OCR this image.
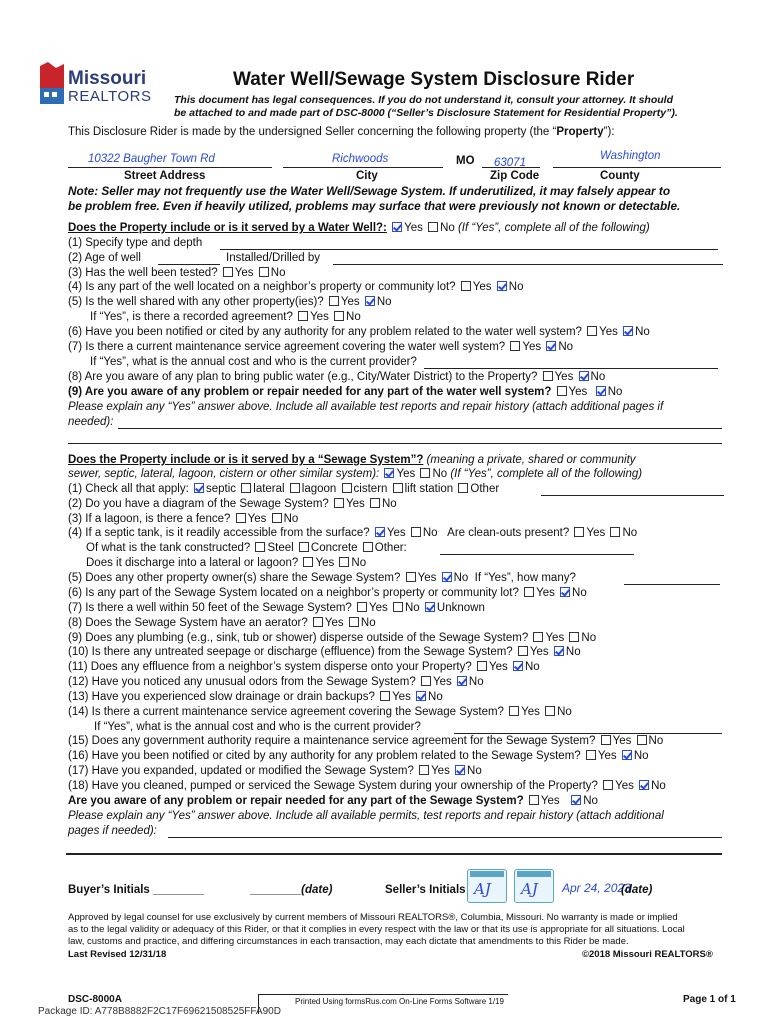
Missouri
REALTORS
Water Well/Sewage System Disclosure Rider
This document has legal consequences. If you do not understand it, consult your attorney. It should
be attached to and made part of DSC-8000 (“Seller’s Disclosure Statement for Residential Property”).
This Disclosure Rider is made by the undersigned Seller concerning the following property (the “Property”):
10322 Baugher Town Rd	Richwoods	MO 63071
Washington
Street Address	City	Zip Code	County
Note: Seller may not frequently use the Water Well/Sewage System. If underutilized, it may falsely appear to
be problem free. Even if heavily utilized, problems may surface that were previously not known or detectable.
Does the Property include or is it served by a Water Well?: Yes No (If “Yes”, complete all of the following)
(1) Specify type and depth
(2) Age of well	Installed/Drilled by
(3) Has the well been tested? Yes No
(4) Is any part of the well located on a neighbor’s property or community lot? Yes No
(5) Is the well shared with any other property(ies)? Yes No
If “Yes”, is there a recorded agreement? Yes No
(6) Have you been notified or cited by any authority for any problem related to the water well system? Yes No
(7) Is there a current maintenance service agreement covering the water well system? Yes No
If “Yes”, what is the annual cost and who is the current provider?
(8) Are you aware of any plan to bring public water (e.g., City/Water District) to the Property? Yes No
(9) Are you aware of any problem or repair needed for any part of the water well system? Yes No
Please explain any “Yes” answer above. Include all available test reports and repair history (attach additional pages if
needed):
Does the Property include or is it served by a “Sewage System”? (meaning a private, shared or community
sewer, septic, lateral, lagoon, cistern or other similar system): Yes No (If “Yes”, complete all of the following)
(1) Check all that apply: septic lateral lagoon cistern lift station Other
(2) Do you have a diagram of the Sewage System? Yes No
(3) If a lagoon, is there a fence? Yes No
(4) If a septic tank, is it readily accessible from the surface? Yes No Are clean-outs present? Yes No
Of what is the tank constructed? Steel Concrete Other:
Does it discharge into a lateral or lagoon? Yes No
(5) Does any other property owner(s) share the Sewage System? Yes No If “Yes”, how many?
(6) Is any part of the Sewage System located on a neighbor’s property or community lot? Yes No
(7) Is there a well within 50 feet of the Sewage System? Yes No Unknown
(8) Does the Sewage System have an aerator? Yes No
(9) Does any plumbing (e.g., sink, tub or shower) disperse outside of the Sewage System? Yes No
(10) Is there any untreated seepage or discharge (effluence) from the Sewage System? Yes No
(11) Does any effluence from a neighbor’s system disperse onto your Property? Yes No
(12) Have you noticed any unusual odors from the Sewage System? Yes No
(13) Have you experienced slow drainage or drain backups? Yes No
(14) Is there a current maintenance service agreement covering the Sewage System? Yes No
If “Yes”, what is the annual cost and who is the current provider?
(15) Does any government authority require a maintenance service agreement for the Sewage System? Yes No
(16) Have you been notified or cited by any authority for any problem related to the Sewage System? Yes No
(17) Have you expanded, updated or modified the Sewage System? Yes No
(18) Have you cleaned, pumped or serviced the Sewage System during your ownership of the Property? Yes No
Are you aware of any problem or repair needed for any part of the Sewage System? Yes No
Please explain any “Yes” answer above. Include all available permits, test reports and repair history (attach additional
pages if needed):
Buyer’s Initials ________	________(date)	Seller’s Initials AJ AJ Apr 24, 2023
(date)
Approved by legal counsel for use exclusively by current members of Missouri REALTORS®, Columbia, Missouri. No warranty is made or implied
as to the legal validity or adequacy of this Rider, or that it complies in every respect with the law or that its use is appropriate for all situations. Local
law, customs and practice, and differing circumstances in each transaction, may each dictate that amendments to this Rider be made.
Last Revised 12/31/18	©2018 Missouri REALTORS®
DSC-8000A	Printed Using formsRus.com On-Line Forms Software 1/19	Page 1 of 1
Package ID: A778B8882F2C17F69621508525FFA90D
